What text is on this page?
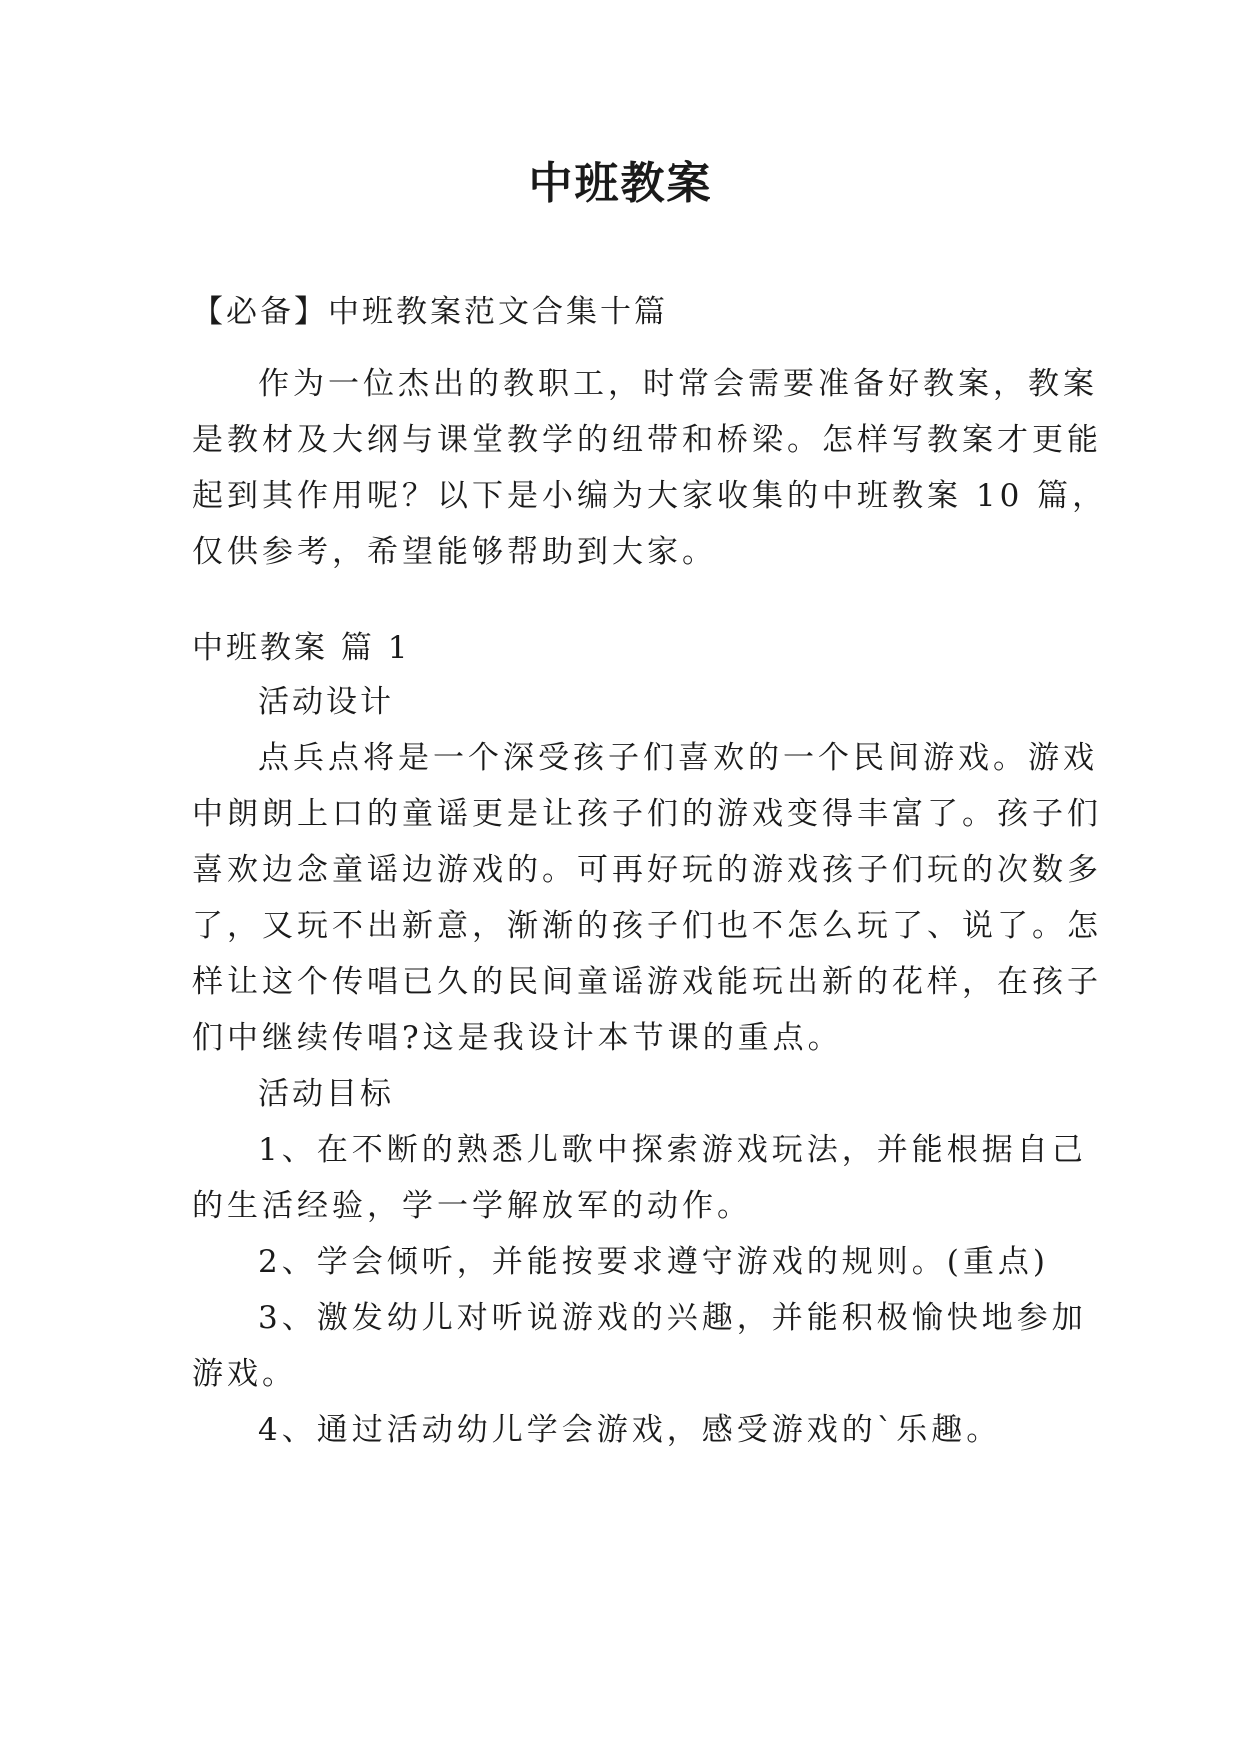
中班教案
【必备】中班教案范文合集十篇
作为一位杰出的教职工，时常会需要准备好教案，教案
是教材及大纲与课堂教学的纽带和桥梁。怎样写教案才更能
起到其作用呢？以下是小编为大家收集的中班教案 10 篇，
仅供参考，希望能够帮助到大家。
中班教案 篇 1
活动设计
点兵点将是一个深受孩子们喜欢的一个民间游戏。游戏
中朗朗上口的童谣更是让孩子们的游戏变得丰富了。孩子们
喜欢边念童谣边游戏的。可再好玩的游戏孩子们玩的次数多
了，又玩不出新意，渐渐的孩子们也不怎么玩了、说了。怎
样让这个传唱已久的民间童谣游戏能玩出新的花样，在孩子
们中继续传唱?这是我设计本节课的重点。
活动目标
1、在不断的熟悉儿歌中探索游戏玩法，并能根据自己
的生活经验，学一学解放军的动作。
2、学会倾听，并能按要求遵守游戏的规则。(重点)
3、激发幼儿对听说游戏的兴趣，并能积极愉快地参加
游戏。
4、通过活动幼儿学会游戏，感受游戏的`乐趣。
